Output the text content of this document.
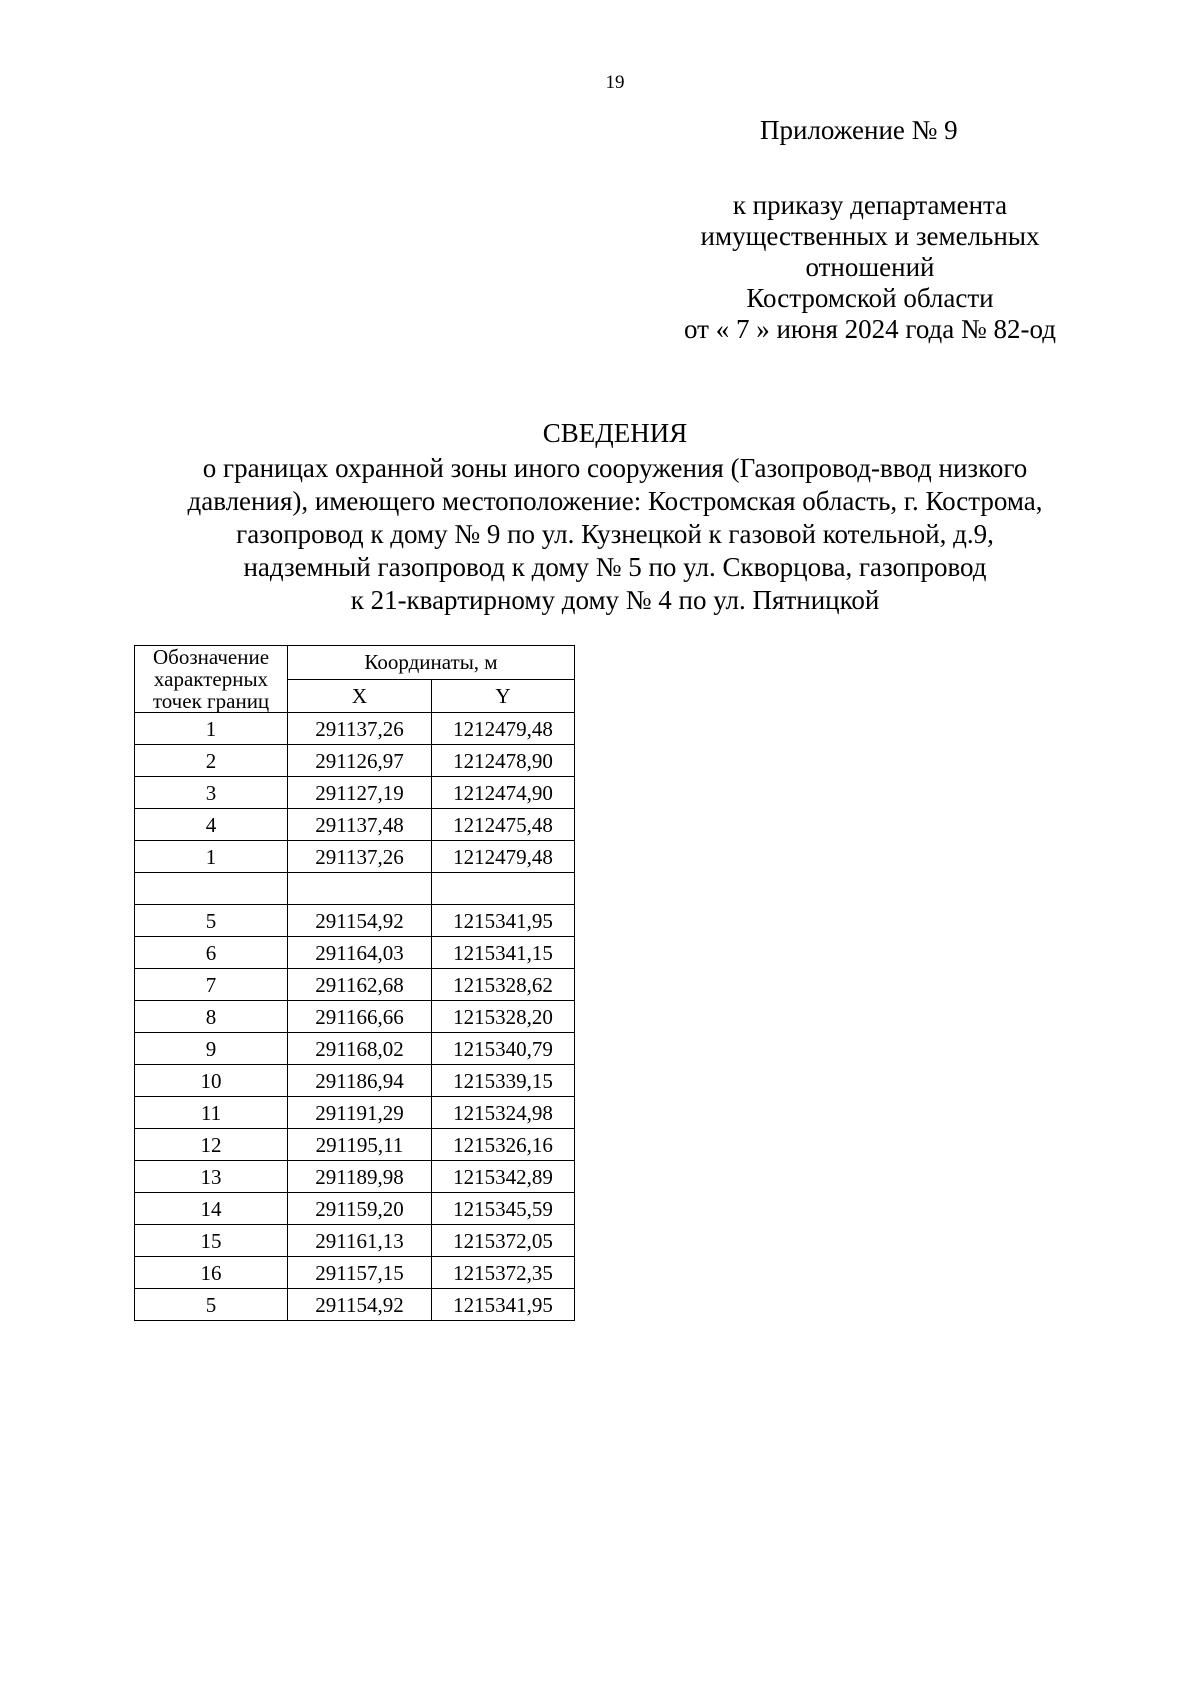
19
Приложение № 9
к приказу департамента
имущественных и земельных
отношений
Костромской области
от « 7 » июня 2024 года № 82-од
СВЕДЕНИЯ
о границах охранной зоны иного сооружения (Газопровод-ввод низкого
давления), имеющего местоположение: Костромская область, г. Кострома,
газопровод к дому № 9 по ул. Кузнецкой к газовой котельной, д.9,
надземный газопровод к дому № 5 по ул. Скворцова, газопровод
к 21-квартирному дому № 4 по ул. Пятницкой
Обозначение характерных точек границ	Координаты, м	
	X	Y
1	291137,26	1212479,48
2	291126,97	1212478,90
3	291127,19	1212474,90
4	291137,48	1212475,48
1	291137,26	1212479,48

5	291154,92	1215341,95
6	291164,03	1215341,15
7	291162,68	1215328,62
8	291166,66	1215328,20
9	291168,02	1215340,79
10	291186,94	1215339,15
11	291191,29	1215324,98
12	291195,11	1215326,16
13	291189,98	1215342,89
14	291159,20	1215345,59
15	291161,13	1215372,05
16	291157,15	1215372,35
5	291154,92	1215341,95
